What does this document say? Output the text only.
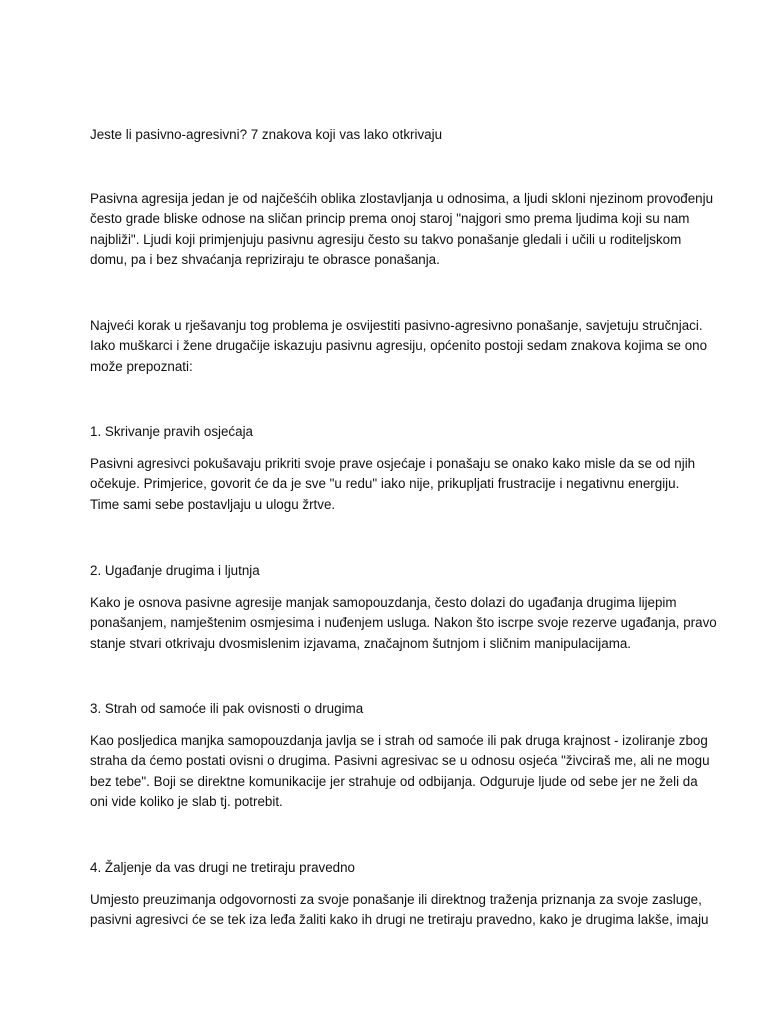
Jeste li pasivno-agresivni? 7 znakova koji vas lako otkrivaju

Pasivna agresija jedan je od najčešćih oblika zlostavljanja u odnosima, a ljudi skloni njezinom provođenju
često grade bliske odnose na sličan princip prema onoj staroj "najgori smo prema ljudima koji su nam
najbliži". Ljudi koji primjenjuju pasivnu agresiju često su takvo ponašanje gledali i učili u roditeljskom
domu, pa i bez shvaćanja repriziraju te obrasce ponašanja.

Najveći korak u rješavanju tog problema je osvijestiti pasivno-agresivno ponašanje, savjetuju stručnjaci.
Iako muškarci i žene drugačije iskazuju pasivnu agresiju, općenito postoji sedam znakova kojima se ono
može prepoznati:

1. Skrivanje pravih osjećaja

Pasivni agresivci pokušavaju prikriti svoje prave osjećaje i ponašaju se onako kako misle da se od njih
očekuje. Primjerice, govorit će da je sve "u redu" iako nije, prikupljati frustracije i negativnu energiju.
Time sami sebe postavljaju u ulogu žrtve.

2. Ugađanje drugima i ljutnja

Kako je osnova pasivne agresije manjak samopouzdanja, često dolazi do ugađanja drugima lijepim
ponašanjem, namještenim osmjesima i nuđenjem usluga. Nakon što iscrpe svoje rezerve ugađanja, pravo
stanje stvari otkrivaju dvosmislenim izjavama, značajnom šutnjom i sličnim manipulacijama.

3. Strah od samoće ili pak ovisnosti o drugima

Kao posljedica manjka samopouzdanja javlja se i strah od samoće ili pak druga krajnost - izoliranje zbog
straha da ćemo postati ovisni o drugima. Pasivni agresivac se u odnosu osjeća "živciraš me, ali ne mogu
bez tebe". Boji se direktne komunikacije jer strahuje od odbijanja. Odguruje ljude od sebe jer ne želi da
oni vide koliko je slab tj. potrebit.

4. Žaljenje da vas drugi ne tretiraju pravedno

Umjesto preuzimanja odgovornosti za svoje ponašanje ili direktnog traženja priznanja za svoje zasluge,
pasivni agresivci će se tek iza leđa žaliti kako ih drugi ne tretiraju pravedno, kako je drugima lakše, imaju
